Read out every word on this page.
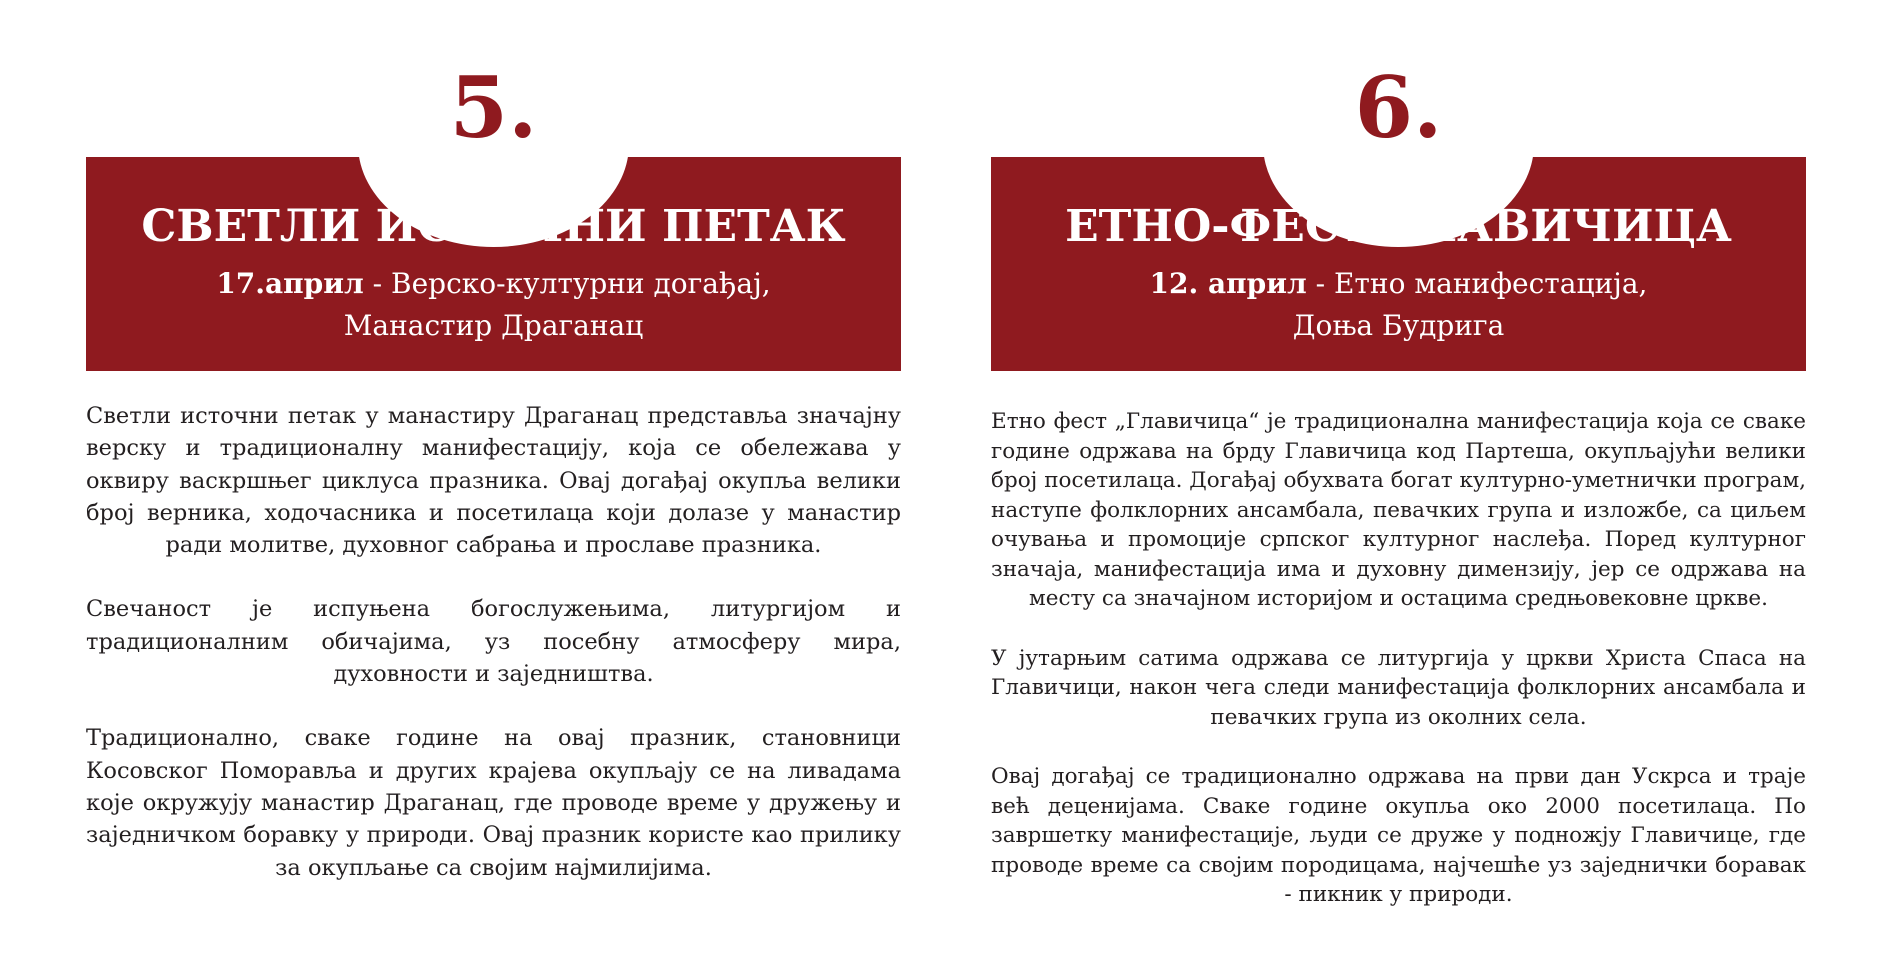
5.
СВЕТЛИ ИСТОЧНИ ПЕТАК
17.април - Верско-културни догађај,
Манастир Драганац

Светли источни петак у манастиру Драганац представља значајну верску и традиционалну манифестацију, која се обележава у оквиру васкршњег циклуса празника. Овај догађај окупља велики број верника, ходочасника и посетилаца који долазе у манастир ради молитве, духовног сабрања и прославе празника.

Свечаност је испуњена богослужењима, литургијом и традиционалним обичајима, уз посебну атмосферу мира, духовности и заједништва.

Традиционално, сваке године на овај празник, становници Косовског Поморавља и других крајева окупљају се на ливадама које окружују манастир Драганац, где проводе време у дружењу и заједничком боравку у природи. Овај празник користе као прилику за окупљање са својим најмилијима.

6.
ЕТНО-ФЕСТ ГЛАВИЧИЦА
12. април - Етно манифестација,
Доња Будрига

Етно фест „Главичица“ је традиционална манифестација која се сваке године одржава на брду Главичица код Партеша, окупљајући велики број посетилаца. Догађај обухвата богат културно-уметнички програм, наступе фолклорних ансамбала, певачких група и изложбе, са циљем очувања и промоције српског културног наслеђа. Поред културног значаја, манифестација има и духовну димензију, јер се одржава на месту са значајном историјом и остацима средњовековне цркве.

У јутарњим сатима одржава се литургија у цркви Христа Спаса на Главичици, након чега следи манифестација фолклорних ансамбала и певачких група из околних села.

Овај догађај се традиционално одржава на први дан Ускрса и траје већ деценијама. Сваке године окупља око 2000 посетилаца. По завршетку манифестације, људи се друже у подножју Главичице, где проводе време са својим породицама, најчешће уз заједнички боравак - пикник у природи.
